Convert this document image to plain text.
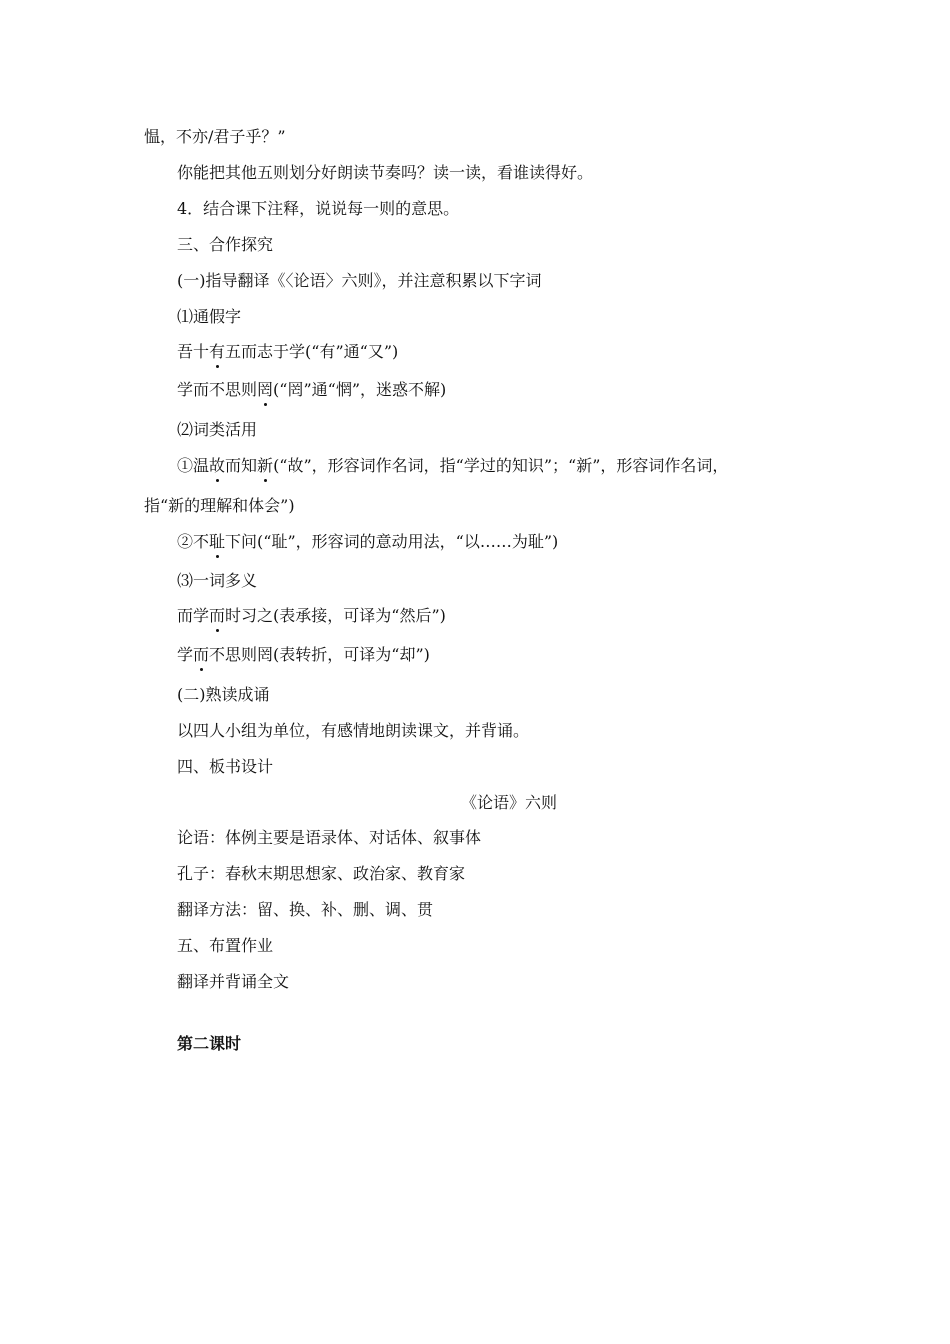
愠，不亦/君子乎？”
你能把其他五则划分好朗读节奏吗？读一读，看谁读得好。
4．结合课下注释，说说每一则的意思。
三、合作探究
(一)指导翻译《〈论语〉六则》，并注意积累以下字词
⑴通假字
吾十有五而志于学(“有”通“又”)
学而不思则罔(“罔”通“惘”，迷惑不解)
⑵词类活用
①温故而知新(“故”，形容词作名词，指“学过的知识”；“新”，形容词作名词，
指“新的理解和体会”)
②不耻下问(“耻”，形容词的意动用法，“以……为耻”)
⑶一词多义
而学而时习之(表承接，可译为“然后”)
学而不思则罔(表转折，可译为“却”)
(二)熟读成诵
以四人小组为单位，有感情地朗读课文，并背诵。
四、板书设计
《论语》六则
论语：体例主要是语录体、对话体、叙事体
孔子：春秋末期思想家、政治家、教育家
翻译方法：留、换、补、删、调、贯
五、布置作业
翻译并背诵全文
第二课时
